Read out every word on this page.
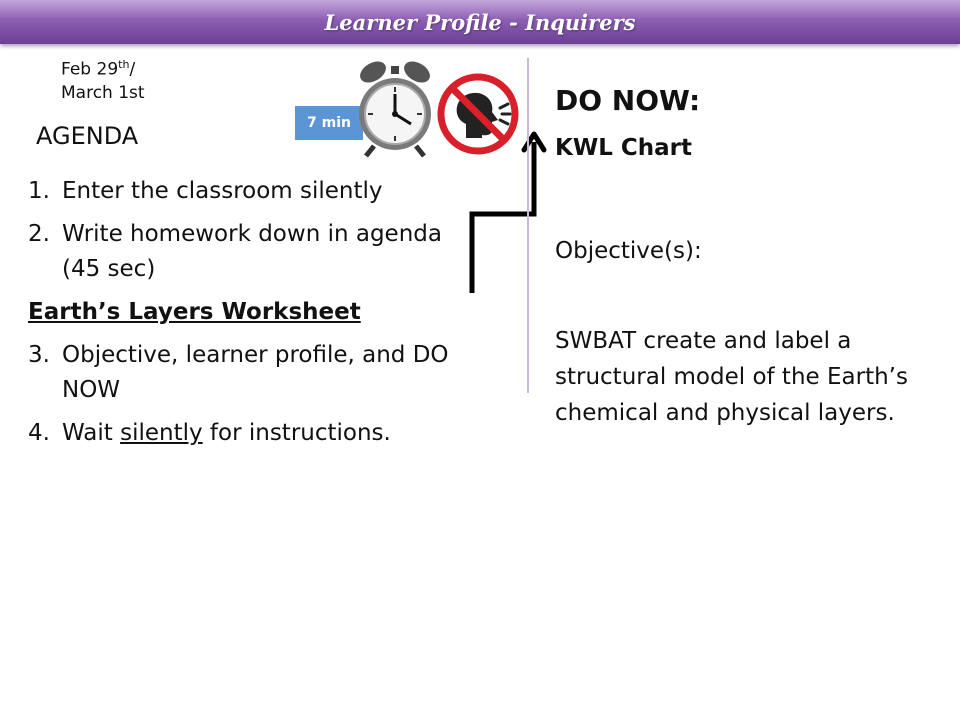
Learner Profile - Inquirers
Feb 29th/
March 1st
AGENDA	7 min
1. Enter the classroom silently
2. Write homework down in agenda (45 sec)
Earth’s Layers Worksheet
3. Objective, learner profile, and DO NOW
4. Wait silently for instructions.
DO NOW:
KWL Chart
Objective(s):
SWBAT create and label a structural model of the Earth’s chemical and physical layers.
